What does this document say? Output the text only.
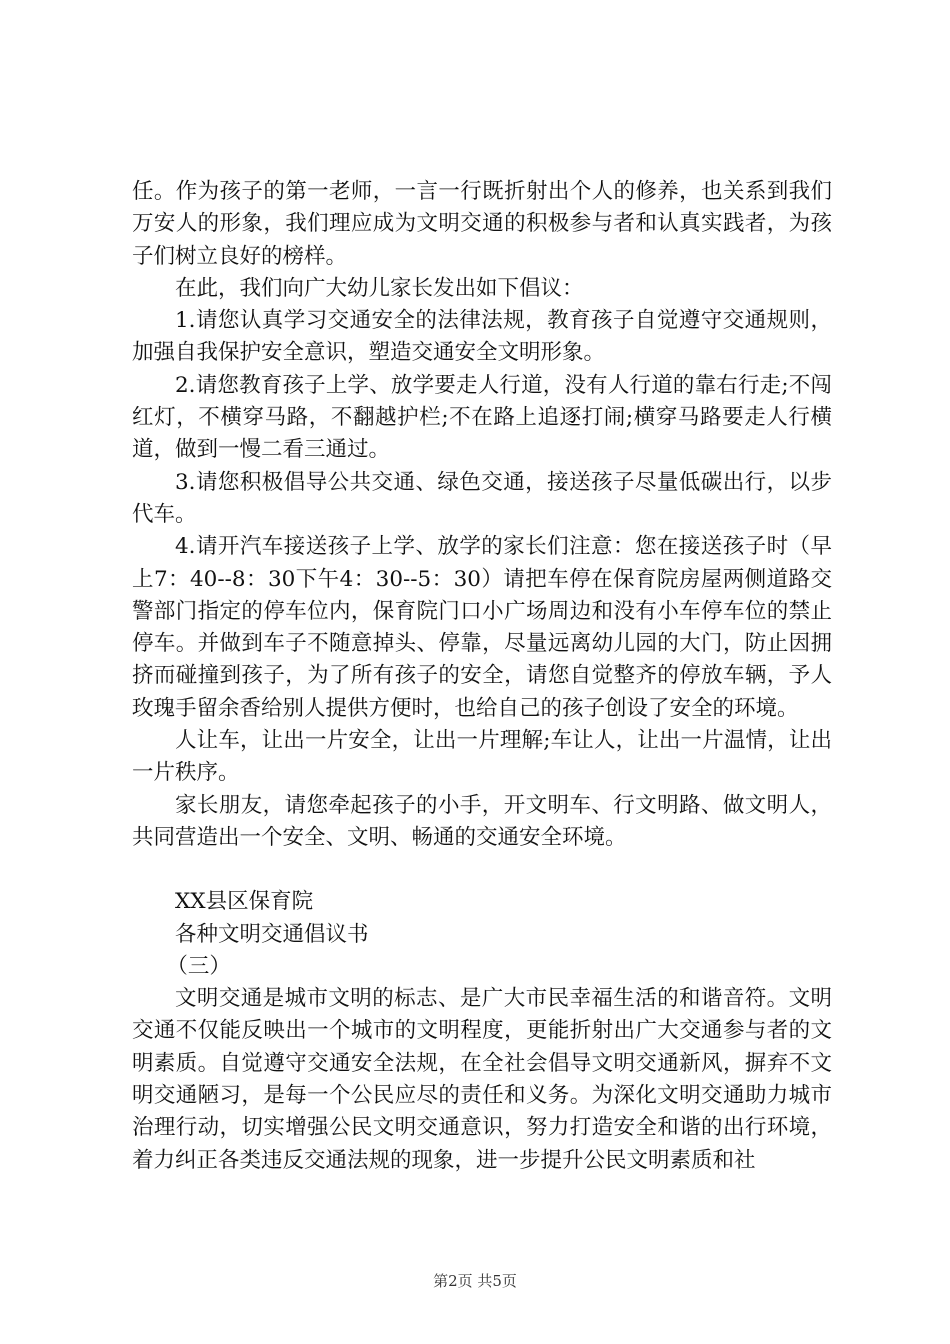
任。作为孩子的第一老师，一言一行既折射出个人的修养，也关系到我们万安人的形象，我们理应成为文明交通的积极参与者和认真实践者，为孩子们树立良好的榜样。

在此，我们向广大幼儿家长发出如下倡议：

1.请您认真学习交通安全的法律法规，教育孩子自觉遵守交通规则，加强自我保护安全意识，塑造交通安全文明形象。

2.请您教育孩子上学、放学要走人行道，没有人行道的靠右行走;不闯红灯，不横穿马路，不翻越护栏;不在路上追逐打闹;横穿马路要走人行横道，做到一慢二看三通过。

3.请您积极倡导公共交通、绿色交通，接送孩子尽量低碳出行，以步代车。

4.请开汽车接送孩子上学、放学的家长们注意：您在接送孩子时（早上7：40--8：30下午4：30--5：30）请把车停在保育院房屋两侧道路交警部门指定的停车位内，保育院门口小广场周边和没有小车停车位的禁止停车。并做到车子不随意掉头、停靠，尽量远离幼儿园的大门，防止因拥挤而碰撞到孩子，为了所有孩子的安全，请您自觉整齐的停放车辆，予人玫瑰手留余香给别人提供方便时，也给自己的孩子创设了安全的环境。

人让车，让出一片安全，让出一片理解;车让人，让出一片温情，让出一片秩序。

家长朋友，请您牵起孩子的小手，开文明车、行文明路、做文明人，共同营造出一个安全、文明、畅通的交通安全环境。

XX县区保育院

各种文明交通倡议书

（三）

文明交通是城市文明的标志、是广大市民幸福生活的和谐音符。文明交通不仅能反映出一个城市的文明程度，更能折射出广大交通参与者的文明素质。自觉遵守交通安全法规，在全社会倡导文明交通新风，摒弃不文明交通陋习，是每一个公民应尽的责任和义务。为深化文明交通助力城市治理行动，切实增强公民文明交通意识，努力打造安全和谐的出行环境，着力纠正各类违反交通法规的现象，进一步提升公民文明素质和社

第2页 共5页
